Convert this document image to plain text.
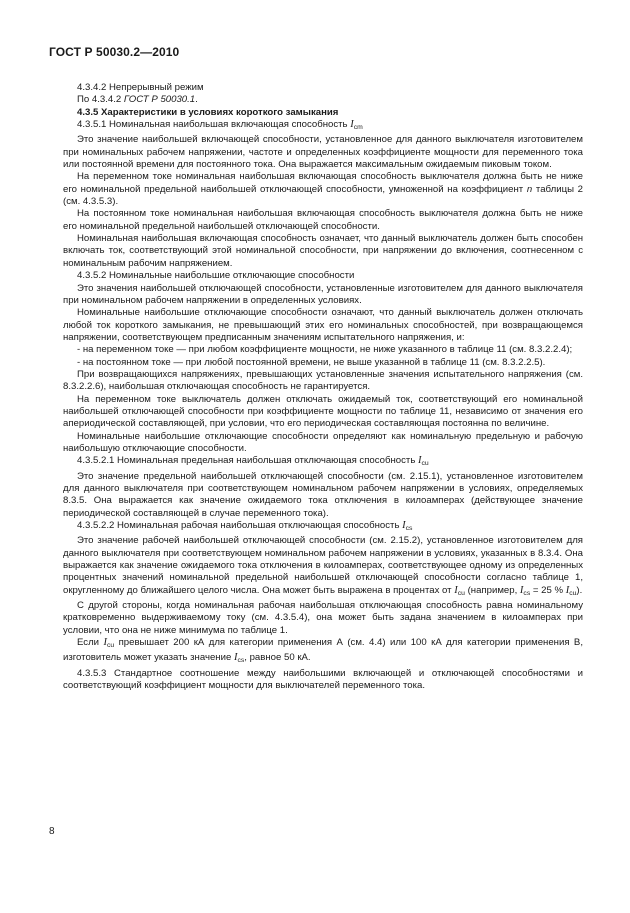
ГОСТ Р 50030.2—2010
4.3.4.2 Непрерывный режим
По 4.3.4.2 ГОСТ Р 50030.1.
4.3.5 Характеристики в условиях короткого замыкания
4.3.5.1 Номинальная наибольшая включающая способность $I_{cm}$
Это значение наибольшей включающей способности, установленное для данного выключателя изготовителем при номинальных рабочем напряжении, частоте и определенных коэффициенте мощности для переменного тока или постоянной времени для постоянного тока. Она выражается максимальным ожидаемым пиковым током.
На переменном токе номинальная наибольшая включающая способность выключателя должна быть не ниже его номинальной предельной наибольшей отключающей способности, умноженной на коэффициент n таблицы 2 (см. 4.3.5.3).
На постоянном токе номинальная наибольшая включающая способность выключателя должна быть не ниже его номинальной предельной наибольшей отключающей способности.
Номинальная наибольшая включающая способность означает, что данный выключатель должен быть способен включать ток, соответствующий этой номинальной способности, при напряжении до включения, соотнесенном с номинальным рабочим напряжением.
4.3.5.2 Номинальные наибольшие отключающие способности
Это значения наибольшей отключающей способности, установленные изготовителем для данного выключателя при номинальном рабочем напряжении в определенных условиях.
Номинальные наибольшие отключающие способности означают, что данный выключатель должен отключать любой ток короткого замыкания, не превышающий этих его номинальных способностей, при возвращающемся напряжении, соответствующем предписанным значениям испытательного напряжения, и:
- на переменном токе — при любом коэффициенте мощности, не ниже указанного в таблице 11 (см. 8.3.2.2.4);
- на постоянном токе — при любой постоянной времени, не выше указанной в таблице 11 (см. 8.3.2.2.5).
При возвращающихся напряжениях, превышающих установленные значения испытательного напряжения (см. 8.3.2.2.6), наибольшая отключающая способность не гарантируется.
На переменном токе выключатель должен отключать ожидаемый ток, соответствующий его номинальной наибольшей отключающей способности при коэффициенте мощности по таблице 11, независимо от значения его апериодической составляющей, при условии, что его периодическая составляющая постоянна по величине.
Номинальные наибольшие отключающие способности определяют как номинальную предельную и рабочую наибольшую отключающие способности.
4.3.5.2.1 Номинальная предельная наибольшая отключающая способность $I_{cu}$
Это значение предельной наибольшей отключающей способности (см. 2.15.1), установленное изготовителем для данного выключателя при соответствующем номинальном рабочем напряжении в условиях, определяемых 8.3.5. Она выражается как значение ожидаемого тока отключения в килоамперах (действующее значение периодической составляющей в случае переменного тока).
4.3.5.2.2 Номинальная рабочая наибольшая отключающая способность $I_{cs}$
Это значение рабочей наибольшей отключающей способности (см. 2.15.2), установленное изготовителем для данного выключателя при соответствующем номинальном рабочем напряжении в условиях, указанных в 8.3.4. Она выражается как значение ожидаемого тока отключения в килоамперах, соответствующее одному из определенных процентных значений номинальной предельной наибольшей отключающей способности согласно таблице 1, округленному до ближайшего целого числа. Она может быть выражена в процентах от $I_{cu}$ (например, $I_{cs} = 25$ % $I_{cu}$).
С другой стороны, когда номинальная рабочая наибольшая отключающая способность равна номинальному кратковременно выдерживаемому току (см. 4.3.5.4), она может быть задана значением в килоамперах при условии, что она не ниже минимума по таблице 1.
Если $I_{cu}$ превышает 200 кА для категории применения А (см. 4.4) или 100 кА для категории применения В, изготовитель может указать значение $I_{cs}$, равное 50 кА.
4.3.5.3 Стандартное соотношение между наибольшими включающей и отключающей способностями и соответствующий коэффициент мощности для выключателей переменного тока.
8
